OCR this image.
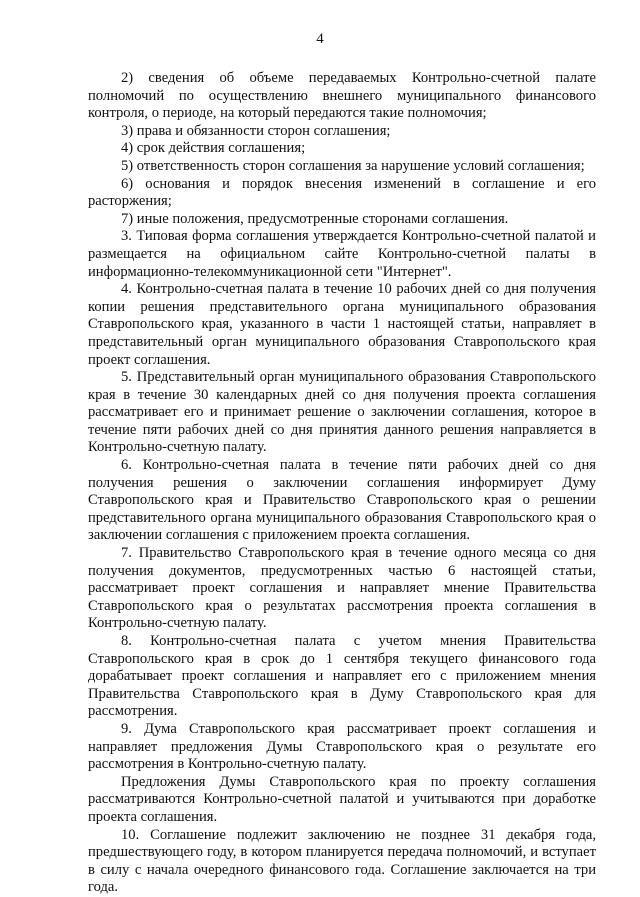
4

2) сведения об объеме передаваемых Контрольно-счетной палате полномочий по осуществлению внешнего муниципального финансового контроля, о периоде, на который передаются такие полномочия;

3) права и обязанности сторон соглашения;

4) срок действия соглашения;

5) ответственность сторон соглашения за нарушение условий соглашения;

6) основания и порядок внесения изменений в соглашение и его расторжения;

7) иные положения, предусмотренные сторонами соглашения.

3. Типовая форма соглашения утверждается Контрольно-счетной палатой и размещается на официальном сайте Контрольно-счетной палаты в информационно-телекоммуникационной сети "Интернет".

4. Контрольно-счетная палата в течение 10 рабочих дней со дня получения копии решения представительного органа муниципального образования Ставропольского края, указанного в части 1 настоящей статьи, направляет в представительный орган муниципального образования Ставропольского края проект соглашения.

5. Представительный орган муниципального образования Ставропольского края в течение 30 календарных дней со дня получения проекта соглашения рассматривает его и принимает решение о заключении соглашения, которое в течение пяти рабочих дней со дня принятия данного решения направляется в Контрольно-счетную палату.

6. Контрольно-счетная палата в течение пяти рабочих дней со дня получения решения о заключении соглашения информирует Думу Ставропольского края и Правительство Ставропольского края о решении представительного органа муниципального образования Ставропольского края о заключении соглашения с приложением проекта соглашения.

7. Правительство Ставропольского края в течение одного месяца со дня получения документов, предусмотренных частью 6 настоящей статьи, рассматривает проект соглашения и направляет мнение Правительства Ставропольского края о результатах рассмотрения проекта соглашения в Контрольно-счетную палату.

8. Контрольно-счетная палата с учетом мнения Правительства Ставропольского края в срок до 1 сентября текущего финансового года дорабатывает проект соглашения и направляет его с приложением мнения Правительства Ставропольского края в Думу Ставропольского края для рассмотрения.

9. Дума Ставропольского края рассматривает проект соглашения и направляет предложения Думы Ставропольского края о результате его рассмотрения в Контрольно-счетную палату.

Предложения Думы Ставропольского края по проекту соглашения рассматриваются Контрольно-счетной палатой и учитываются при доработке проекта соглашения.

10. Соглашение подлежит заключению не позднее 31 декабря года, предшествующего году, в котором планируется передача полномочий, и вступает в силу с начала очередного финансового года. Соглашение заключается на три года.
